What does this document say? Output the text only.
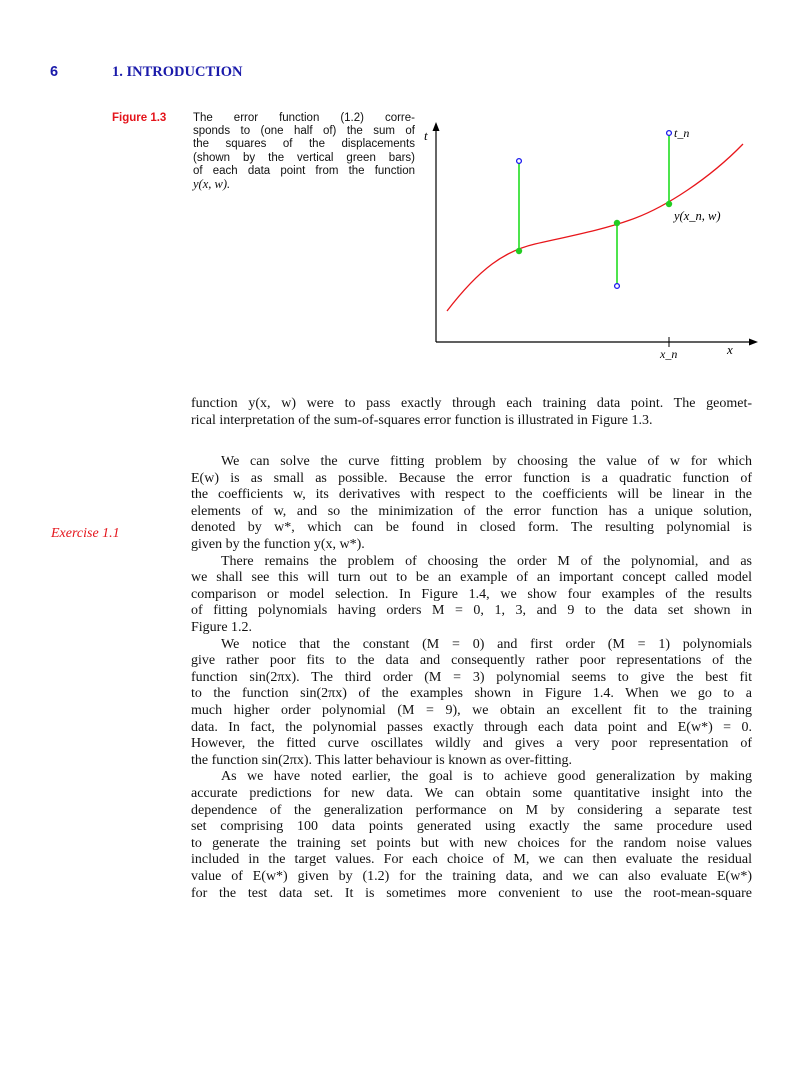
6	1. INTRODUCTION
Figure 1.3 The error function (1.2) corre-
sponds to (one half of) the sum of
the squares of the displacements
(shown by the vertical green bars)
of each data point from the function
y(x, w).
t
x
x_n
t_n
y(x_n, w)
Exercise 1.1
function y(x, w) were to pass exactly through each training data point. The geomet-
rical interpretation of the sum-of-squares error function is illustrated in Figure 1.3.
We can solve the curve fitting problem by choosing the value of w for which
E(w) is as small as possible. Because the error function is a quadratic function of
the coefficients w, its derivatives with respect to the coefficients will be linear in the
elements of w, and so the minimization of the error function has a unique solution,
denoted by w*, which can be found in closed form. The resulting polynomial is
given by the function y(x, w*).
There remains the problem of choosing the order M of the polynomial, and as
we shall see this will turn out to be an example of an important concept called model
comparison or model selection. In Figure 1.4, we show four examples of the results
of fitting polynomials having orders M = 0, 1, 3, and 9 to the data set shown in
Figure 1.2.
We notice that the constant (M = 0) and first order (M = 1) polynomials
give rather poor fits to the data and consequently rather poor representations of the
function sin(2πx). The third order (M = 3) polynomial seems to give the best fit
to the function sin(2πx) of the examples shown in Figure 1.4. When we go to a
much higher order polynomial (M = 9), we obtain an excellent fit to the training
data. In fact, the polynomial passes exactly through each data point and E(w*) = 0.
However, the fitted curve oscillates wildly and gives a very poor representation of
the function sin(2πx). This latter behaviour is known as over-fitting.
As we have noted earlier, the goal is to achieve good generalization by making
accurate predictions for new data. We can obtain some quantitative insight into the
dependence of the generalization performance on M by considering a separate test
set comprising 100 data points generated using exactly the same procedure used
to generate the training set points but with new choices for the random noise values
included in the target values. For each choice of M, we can then evaluate the residual
value of E(w*) given by (1.2) for the training data, and we can also evaluate E(w*)
for the test data set. It is sometimes more convenient to use the root-mean-square
